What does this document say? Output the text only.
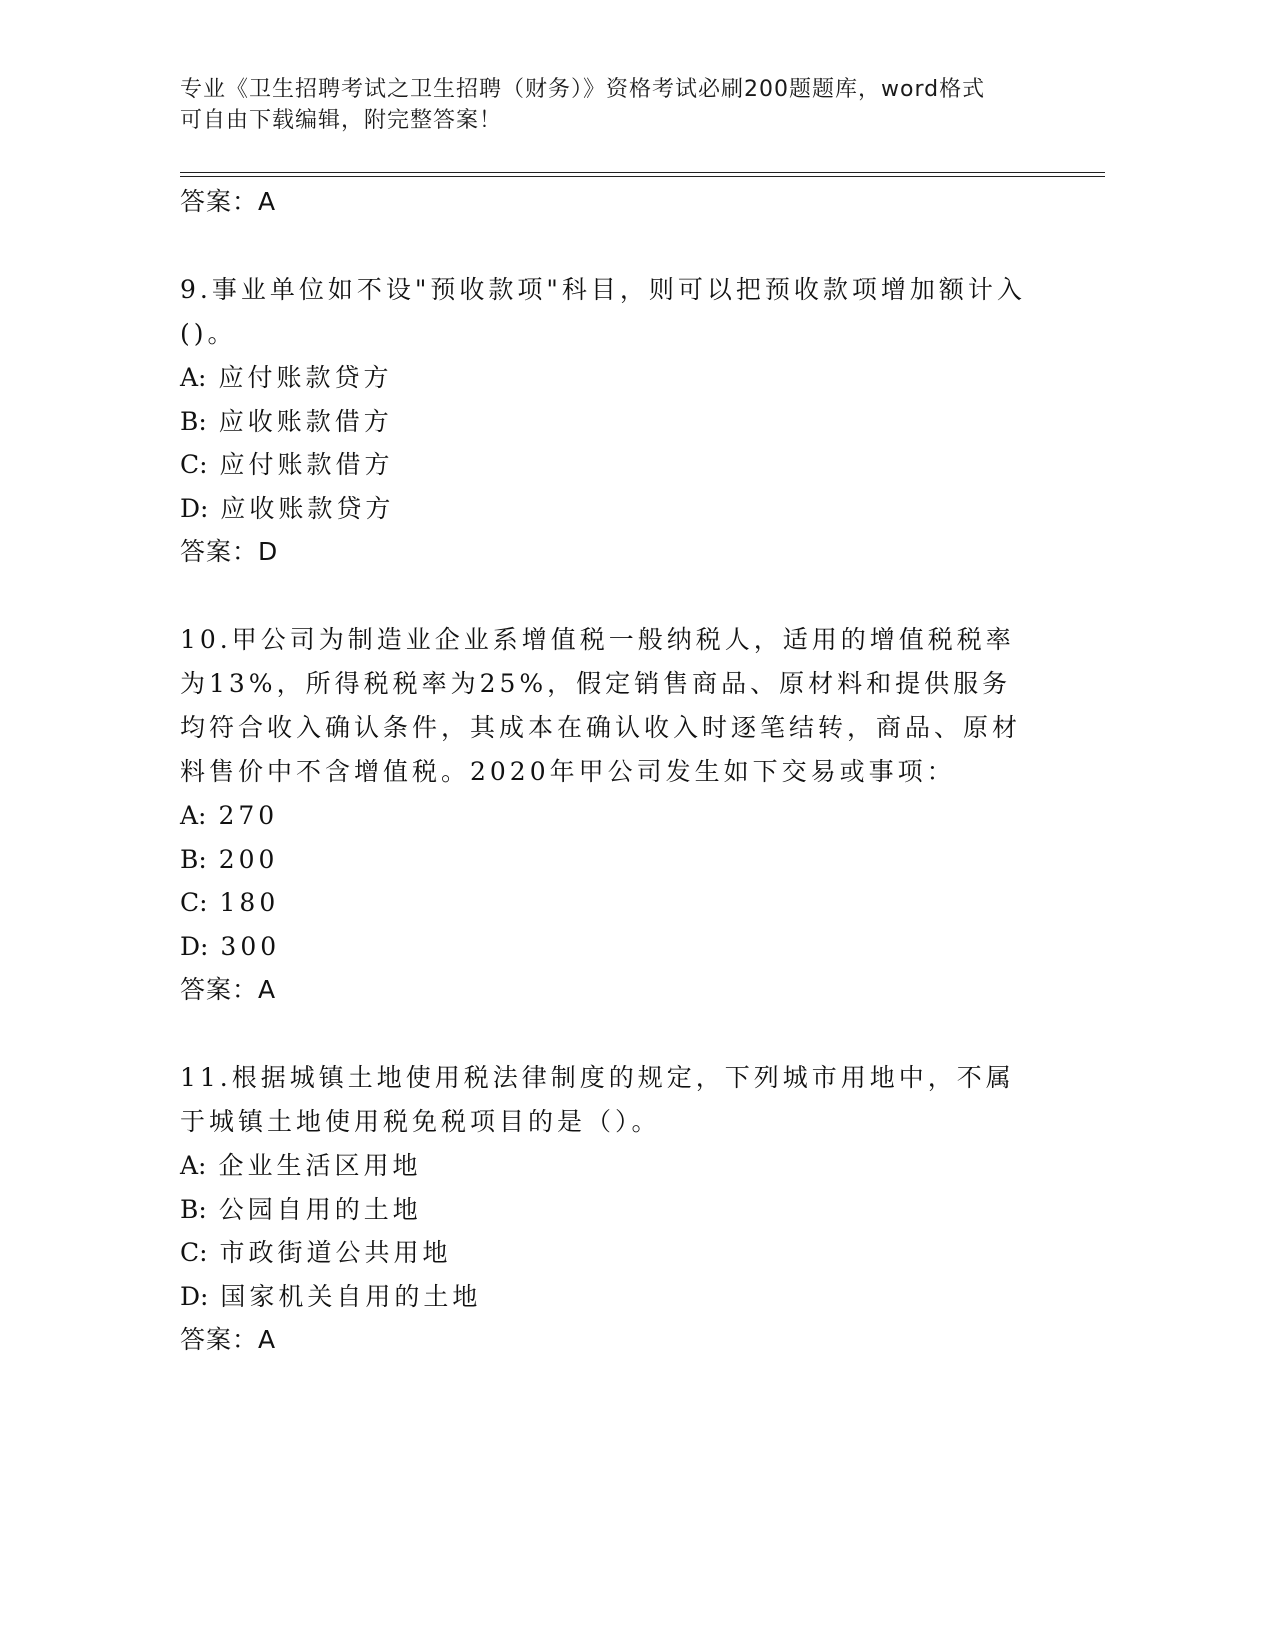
专业《卫生招聘考试之卫生招聘（财务）》资格考试必刷200题题库，word格式
可自由下载编辑，附完整答案！
答案：A
9.事业单位如不设"预收款项"科目，则可以把预收款项增加额计入()。
A: 应付账款贷方
B: 应收账款借方
C: 应付账款借方
D: 应收账款贷方
答案：D
10.甲公司为制造业企业系增值税一般纳税人，适用的增值税税率为13%，所得税税率为25%，假定销售商品、原材料和提供服务均符合收入确认条件，其成本在确认收入时逐笔结转，商品、原材料售价中不含增值税。2020年甲公司发生如下交易或事项：
A: 270
B: 200
C: 180
D: 300
答案：A
11.根据城镇土地使用税法律制度的规定，下列城市用地中，不属于城镇土地使用税免税项目的是（）。
A: 企业生活区用地
B: 公园自用的土地
C: 市政街道公共用地
D: 国家机关自用的土地
答案：A
